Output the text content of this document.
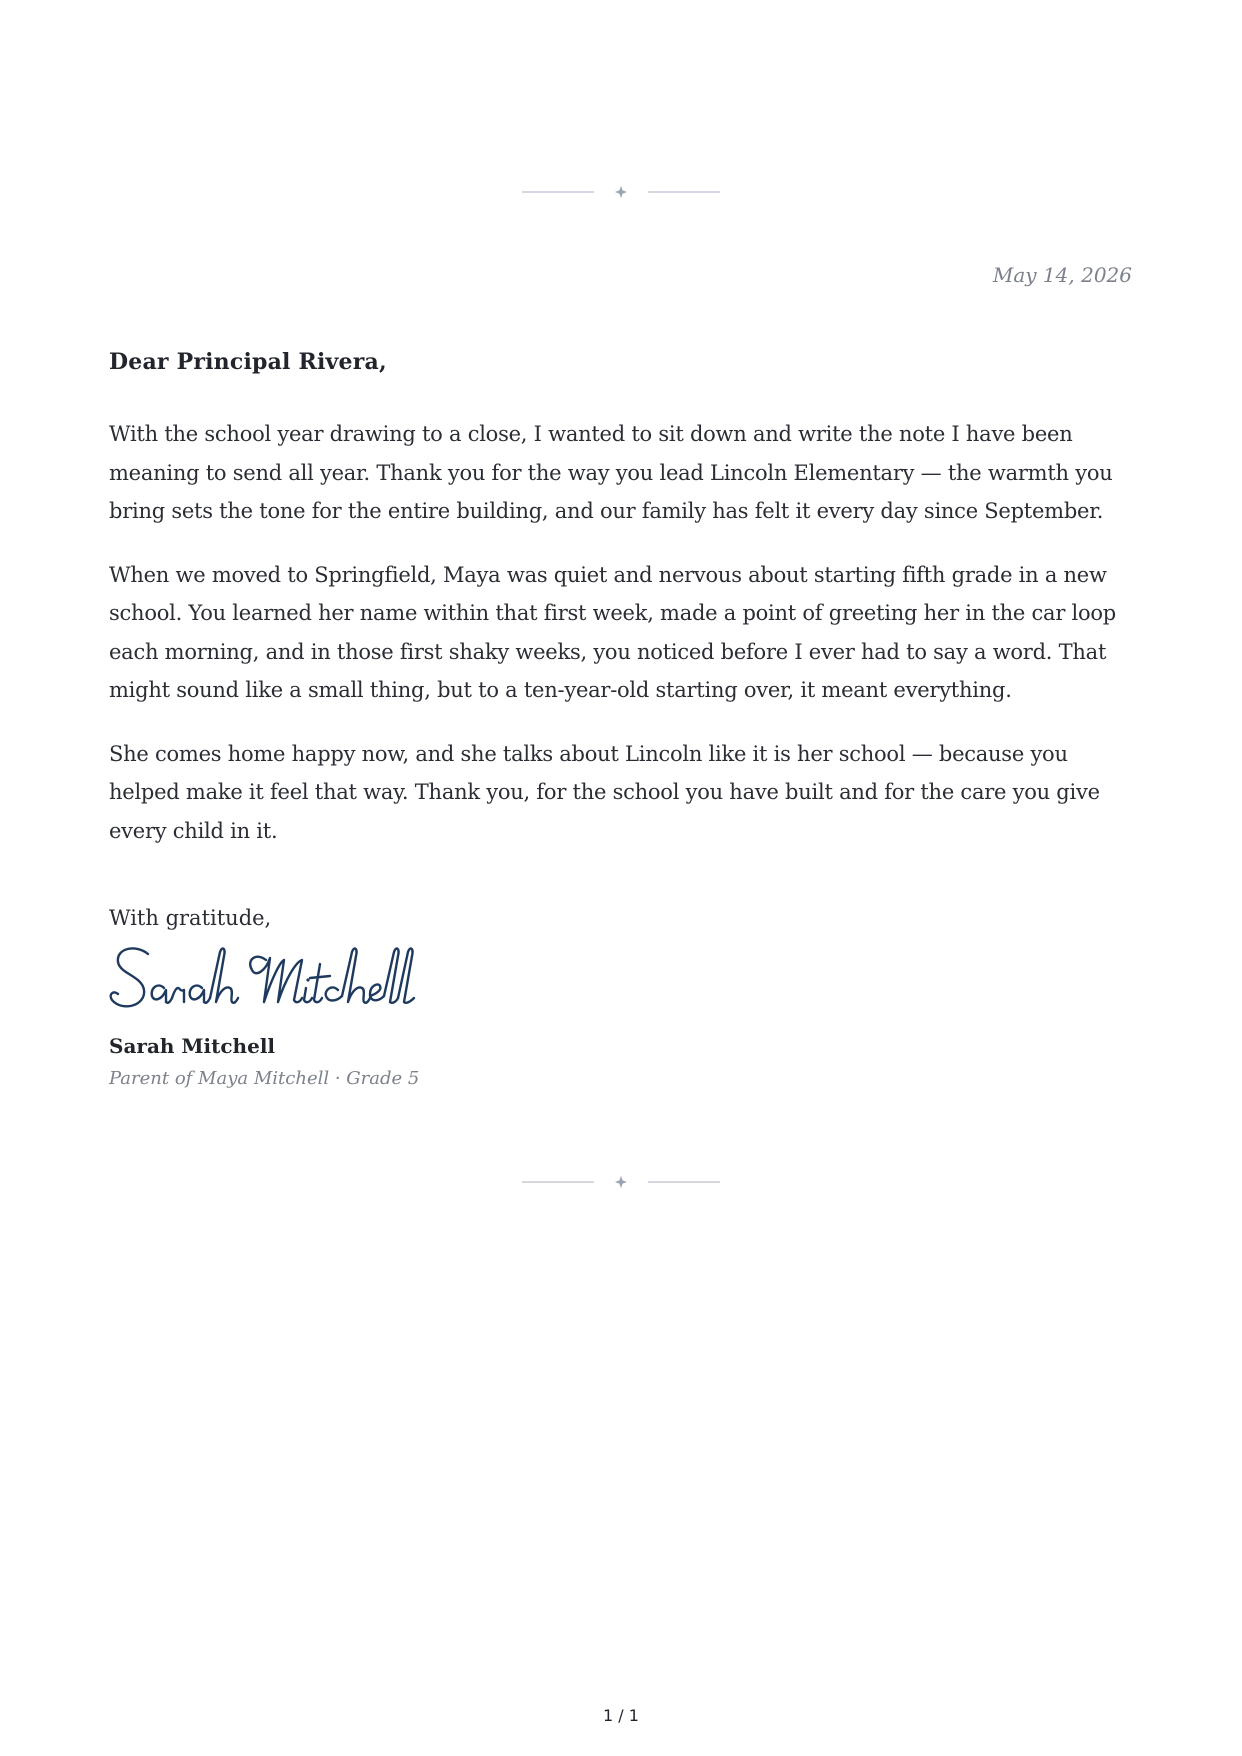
May 14, 2026
Dear Principal Rivera,

With the school year drawing to a close, I wanted to sit down and write the note I have been meaning to send all year. Thank you for the way you lead Lincoln Elementary — the warmth you bring sets the tone for the entire building, and our family has felt it every day since September.

When we moved to Springfield, Maya was quiet and nervous about starting fifth grade in a new school. You learned her name within that first week, made a point of greeting her in the car loop each morning, and in those first shaky weeks, you noticed before I ever had to say a word. That might sound like a small thing, but to a ten-year-old starting over, it meant everything.

She comes home happy now, and she talks about Lincoln like it is her school — because you helped make it feel that way. Thank you, for the school you have built and for the care you give every child in it.

With gratitude,
Sarah Mitchell
Parent of Maya Mitchell · Grade 5
1 / 1
